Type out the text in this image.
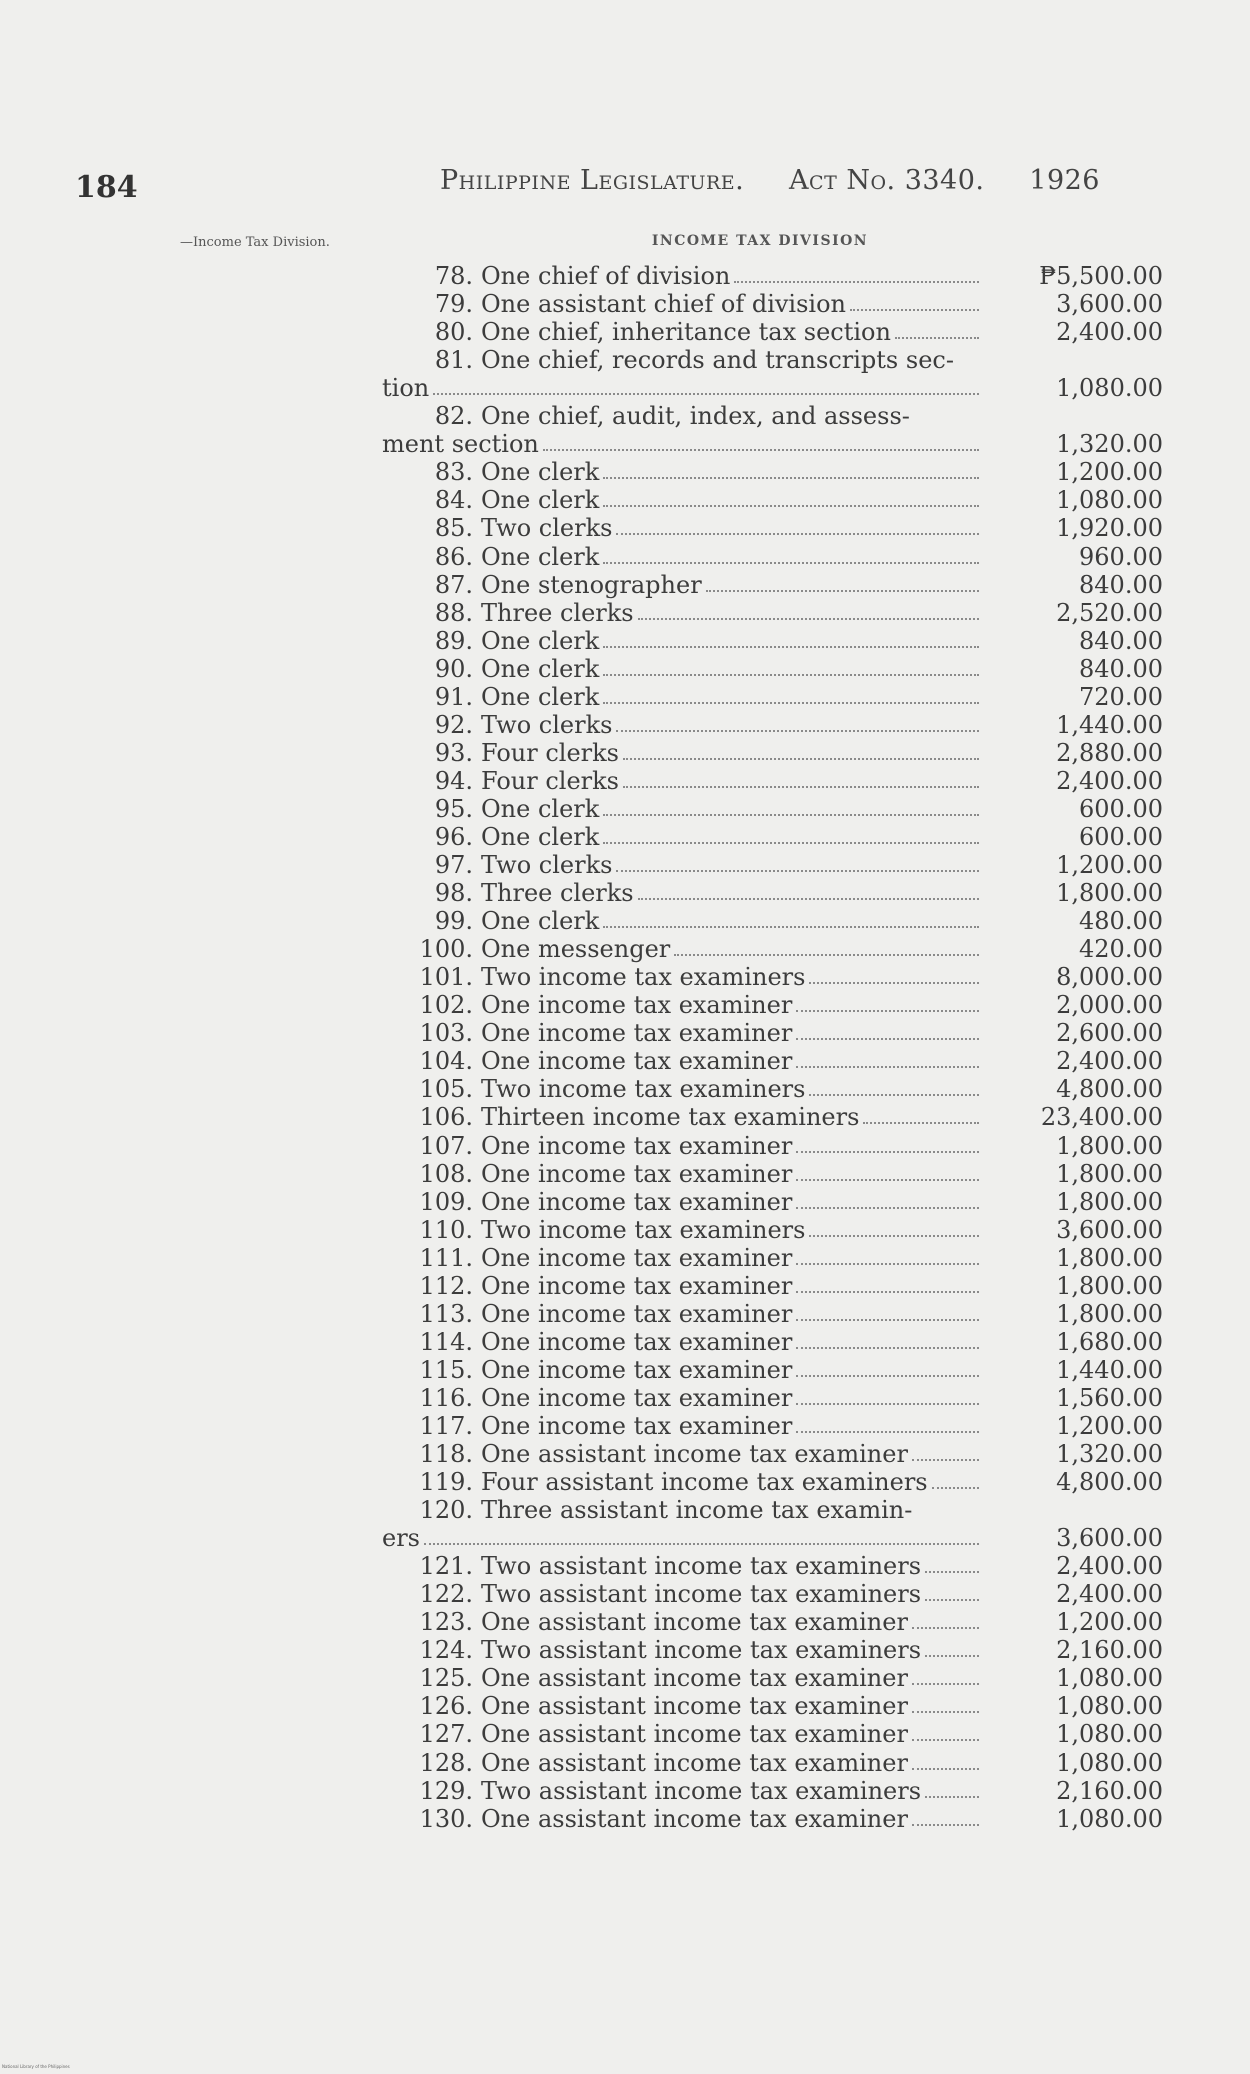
184	Philippine Legislature. Act No. 3340. 1926
—Income Tax Division.	INCOME TAX DIVISION
78. One chief of division	₱5,500.00
79. One assistant chief of division	3,600.00
80. One chief, inheritance tax section	2,400.00
81. One chief, records and transcripts sec-
tion	1,080.00
82. One chief, audit, index, and assess-
ment section	1,320.00
83. One clerk	1,200.00
84. One clerk	1,080.00
85. Two clerks	1,920.00
86. One clerk	960.00
87. One stenographer	840.00
88. Three clerks	2,520.00
89. One clerk	840.00
90. One clerk	840.00
91. One clerk	720.00
92. Two clerks	1,440.00
93. Four clerks	2,880.00
94. Four clerks	2,400.00
95. One clerk	600.00
96. One clerk	600.00
97. Two clerks	1,200.00
98. Three clerks	1,800.00
99. One clerk	480.00
100. One messenger	420.00
101. Two income tax examiners	8,000.00
102. One income tax examiner	2,000.00
103. One income tax examiner	2,600.00
104. One income tax examiner	2,400.00
105. Two income tax examiners	4,800.00
106. Thirteen income tax examiners	23,400.00
107. One income tax examiner	1,800.00
108. One income tax examiner	1,800.00
109. One income tax examiner	1,800.00
110. Two income tax examiners	3,600.00
111. One income tax examiner	1,800.00
112. One income tax examiner	1,800.00
113. One income tax examiner	1,800.00
114. One income tax examiner	1,680.00
115. One income tax examiner	1,440.00
116. One income tax examiner	1,560.00
117. One income tax examiner	1,200.00
118. One assistant income tax examiner	1,320.00
119. Four assistant income tax examiners	4,800.00
120. Three assistant income tax examin-
ers	3,600.00
121. Two assistant income tax examiners	2,400.00
122. Two assistant income tax examiners	2,400.00
123. One assistant income tax examiner	1,200.00
124. Two assistant income tax examiners	2,160.00
125. One assistant income tax examiner	1,080.00
126. One assistant income tax examiner	1,080.00
127. One assistant income tax examiner	1,080.00
128. One assistant income tax examiner	1,080.00
129. Two assistant income tax examiners	2,160.00
130. One assistant income tax examiner	1,080.00
National Library of the Philippines
